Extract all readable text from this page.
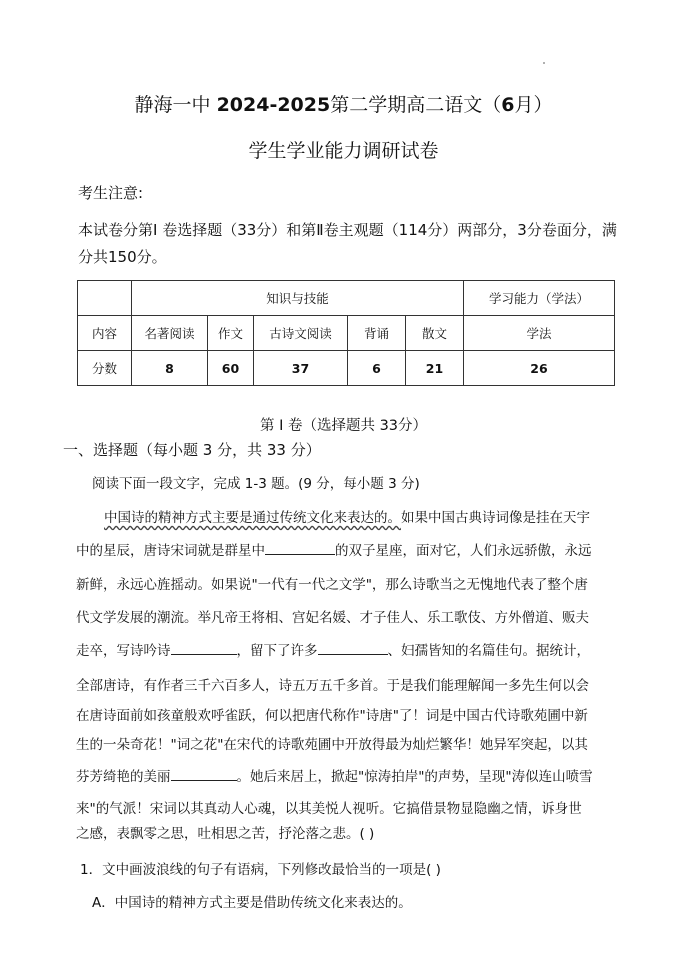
静海一中 2024-2025第二学期高二语文（6月）
学生学业能力调研试卷
考生注意:
本试卷分第Ⅰ 卷选择题（33分）和第Ⅱ卷主观题（114分）两部分，3分卷面分，满分共150分。
	知识与技能					学习能力（学法）
内容	名著阅读	作文	古诗文阅读	背诵	散文	学法
分数	8	60	37	6	21	26
第 Ⅰ 卷（选择题共 33分）
一、选择题（每小题 3 分，共 33 分）
阅读下面一段文字，完成 1-3 题。(9 分，每小题 3 分)
中国诗的精神方式主要是通过传统文化来表达的。如果中国古典诗词像是挂在天宇
中的星辰，唐诗宋词就是群星中	的双子星座，面对它，人们永远骄傲，永远
新鲜，永远心旌摇动。如果说"一代有一代之文学"，那么诗歌当之无愧地代表了整个唐
代文学发展的潮流。举凡帝王将相、宫妃名媛、才子佳人、乐工歌伎、方外僧道、贩夫
走卒，写诗吟诗	，留下了许多	、妇孺皆知的名篇佳句。据统计，
全部唐诗，有作者三千六百多人，诗五万五千多首。于是我们能理解闻一多先生何以会
在唐诗面前如孩童般欢呼雀跃，何以把唐代称作"诗唐"了！词是中国古代诗歌苑圃中新
生的一朵奇花！"词之花"在宋代的诗歌苑圃中开放得最为灿烂繁华！她异军突起，以其
芬芳绮艳的美丽	。她后来居上，掀起"惊涛拍岸"的声势，呈现"涛似连山喷雪
来"的气派！宋词以其真动人心魂，以其美悦人视听。它搞借景物显隐幽之情，诉身世
之感，表飘零之思，吐相思之苦，抒沦落之悲。( )
1．文中画波浪线的句子有语病，下列修改最恰当的一项是( )
A．中国诗的精神方式主要是借助传统文化来表达的。
